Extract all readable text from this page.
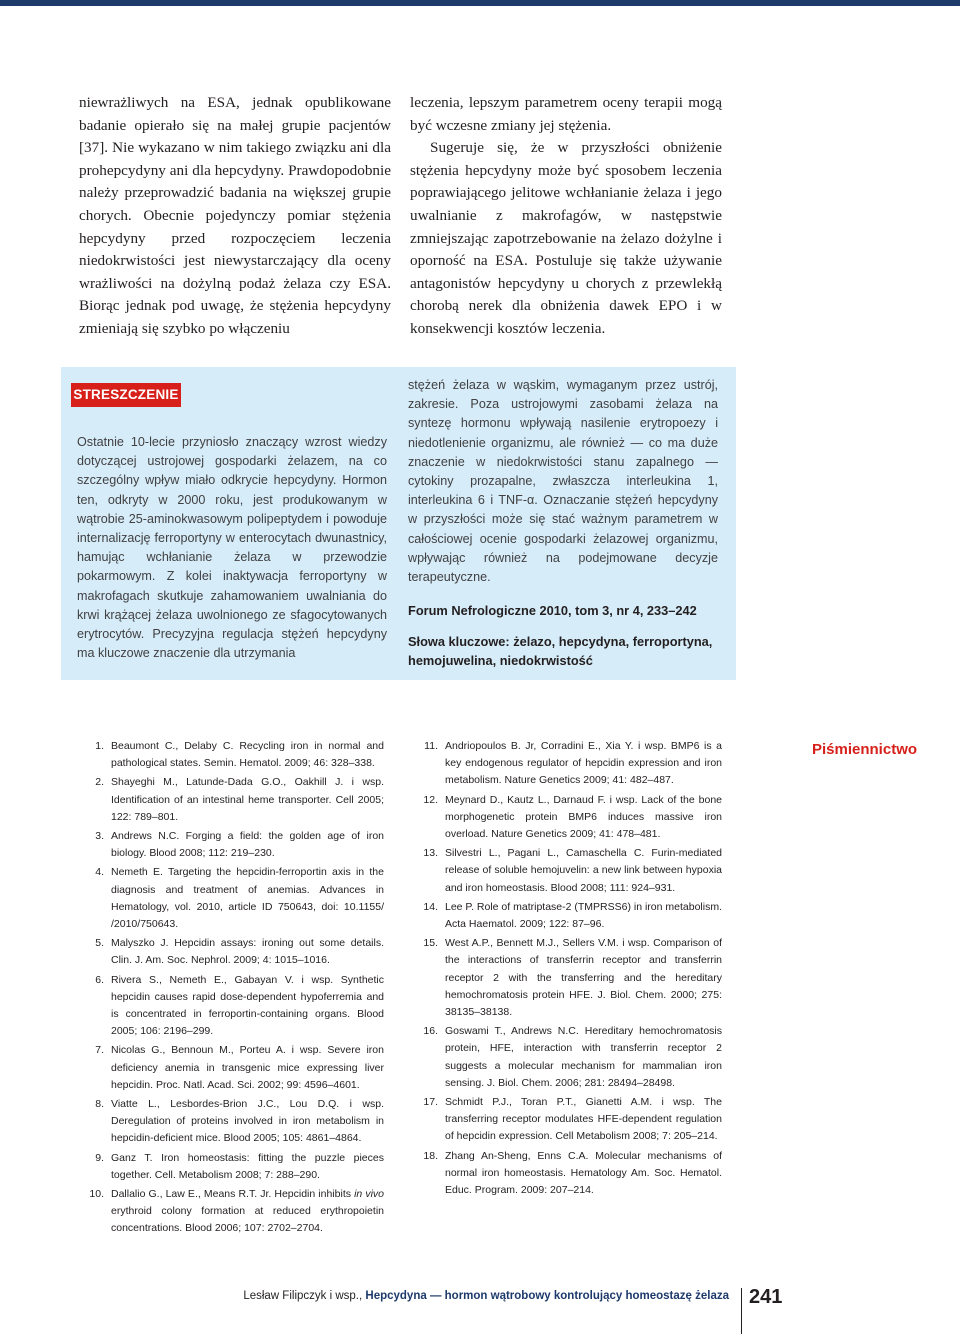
niewrażliwych na ESA, jednak opublikowane badanie opierało się na małej grupie pacjentów [37]. Nie wykazano w nim takiego związku ani dla prohepcydyny ani dla hepcydyny. Prawdopodobnie należy przeprowadzić badania na większej grupie chorych. Obecnie pojedynczy pomiar stężenia hepcydyny przed rozpoczęciem leczenia niedokrwistości jest niewystarczający dla oceny wrażliwości na dożylną podaż żelaza czy ESA. Biorąc jednak pod uwagę, że stężenia hepcydyny zmieniają się szybko po włączeniu

leczenia, lepszym parametrem oceny terapii mogą być wczesne zmiany jej stężenia.

Sugeruje się, że w przyszłości obniżenie stężenia hepcydyny może być sposobem leczenia poprawiającego jelitowe wchłanianie żelaza i jego uwalnianie z makrofagów, w następstwie zmniejszając zapotrzebowanie na żelazo dożylne i oporność na ESA. Postuluje się także używanie antagonistów hepcydyny u chorych z przewlekłą chorobą nerek dla obniżenia dawek EPO i w konsekwencji kosztów leczenia.

STRESZCZENIE

Ostatnie 10-lecie przyniosło znaczący wzrost wiedzy dotyczącej ustrojowej gospodarki żelazem, na co szczególny wpływ miało odkrycie hepcydyny. Hormon ten, odkryty w 2000 roku, jest produkowanym w wątrobie 25-aminokwasowym polipeptydem i powoduje internalizację ferroportyny w enterocytach dwunastnicy, hamując wchłanianie żelaza w przewodzie pokarmowym. Z kolei inaktywacja ferroportyny w makrofagach skutkuje zahamowaniem uwalniania do krwi krążącej żelaza uwolnionego ze sfagocytowanych erytrocytów. Precyzyjna regulacja stężeń hepcydyny ma kluczowe znaczenie dla utrzymania

stężeń żelaza w wąskim, wymaganym przez ustrój, zakresie. Poza ustrojowymi zasobami żelaza na syntezę hormonu wpływają nasilenie erytropoezy i niedotlenienie organizmu, ale również — co ma duże znaczenie w niedokrwistości stanu zapalnego — cytokiny prozapalne, zwłaszcza interleukina 1, interleukina 6 i TNF-α. Oznaczanie stężeń hepcydyny w przyszłości może się stać ważnym parametrem w całościowej ocenie gospodarki żelazowej organizmu, wpływając również na podejmowane decyzje terapeutyczne.

Forum Nefrologiczne 2010, tom 3, nr 4, 233–242

Słowa kluczowe: żelazo, hepcydyna, ferroportyna, hemojuwelina, niedokrwistość

1. Beaumont C., Delaby C. Recycling iron in normal and pathological states. Semin. Hematol. 2009; 46: 328–338.
2. Shayeghi M., Latunde-Dada G.O., Oakhill J. i wsp. Identification of an intestinal heme transporter. Cell 2005; 122: 789–801.
3. Andrews N.C. Forging a field: the golden age of iron biology. Blood 2008; 112: 219–230.
4. Nemeth E. Targeting the hepcidin-ferroportin axis in the diagnosis and treatment of anemias. Advances in Hematology, vol. 2010, article ID 750643, doi: 10.1155/ /2010/750643.
5. Malyszko J. Hepcidin assays: ironing out some details. Clin. J. Am. Soc. Nephrol. 2009; 4: 1015–1016.
6. Rivera S., Nemeth E., Gabayan V. i wsp. Synthetic hepcidin causes rapid dose-dependent hypoferremia and is concentrated in ferroportin-containing organs. Blood 2005; 106: 2196–299.
7. Nicolas G., Bennoun M., Porteu A. i wsp. Severe iron deficiency anemia in transgenic mice expressing liver hepcidin. Proc. Natl. Acad. Sci. 2002; 99: 4596–4601.
8. Viatte L., Lesbordes-Brion J.C., Lou D.Q. i wsp. Deregulation of proteins involved in iron metabolism in hepcidin-deficient mice. Blood 2005; 105: 4861–4864.
9. Ganz T. Iron homeostasis: fitting the puzzle pieces together. Cell. Metabolism 2008; 7: 288–290.
10. Dallalio G., Law E., Means R.T. Jr. Hepcidin inhibits in vivo erythroid colony formation at reduced erythropoietin concentrations. Blood 2006; 107: 2702–2704.
11. Andriopoulos B. Jr, Corradini E., Xia Y. i wsp. BMP6 is a key endogenous regulator of hepcidin expression and iron metabolism. Nature Genetics 2009; 41: 482–487.
12. Meynard D., Kautz L., Darnaud F. i wsp. Lack of the bone morphogenetic protein BMP6 induces massive iron overload. Nature Genetics 2009; 41: 478–481.
13. Silvestri L., Pagani L., Camaschella C. Furin-mediated release of soluble hemojuvelin: a new link between hypoxia and iron homeostasis. Blood 2008; 111: 924–931.
14. Lee P. Role of matriptase-2 (TMPRSS6) in iron metabolism. Acta Haematol. 2009; 122: 87–96.
15. West A.P., Bennett M.J., Sellers V.M. i wsp. Comparison of the interactions of transferrin receptor and transferrin receptor 2 with the transferring and the hereditary hemochromatosis protein HFE. J. Biol. Chem. 2000; 275: 38135–38138.
16. Goswami T., Andrews N.C. Hereditary hemochromatosis protein, HFE, interaction with transferrin receptor 2 suggests a molecular mechanism for mammalian iron sensing. J. Biol. Chem. 2006; 281: 28494–28498.
17. Schmidt P.J., Toran P.T., Gianetti A.M. i wsp. The transferring receptor modulates HFE-dependent regulation of hepcidin expression. Cell Metabolism 2008; 7: 205–214.
18. Zhang An-Sheng, Enns C.A. Molecular mechanisms of normal iron homeostasis. Hematology Am. Soc. Hematol. Educ. Program. 2009: 207–214.
Piśmiennictwo
Lesław Filipczyk i wsp., Hepcydyna — hormon wątrobowy kontrolujący homeostazę żelaza 241
